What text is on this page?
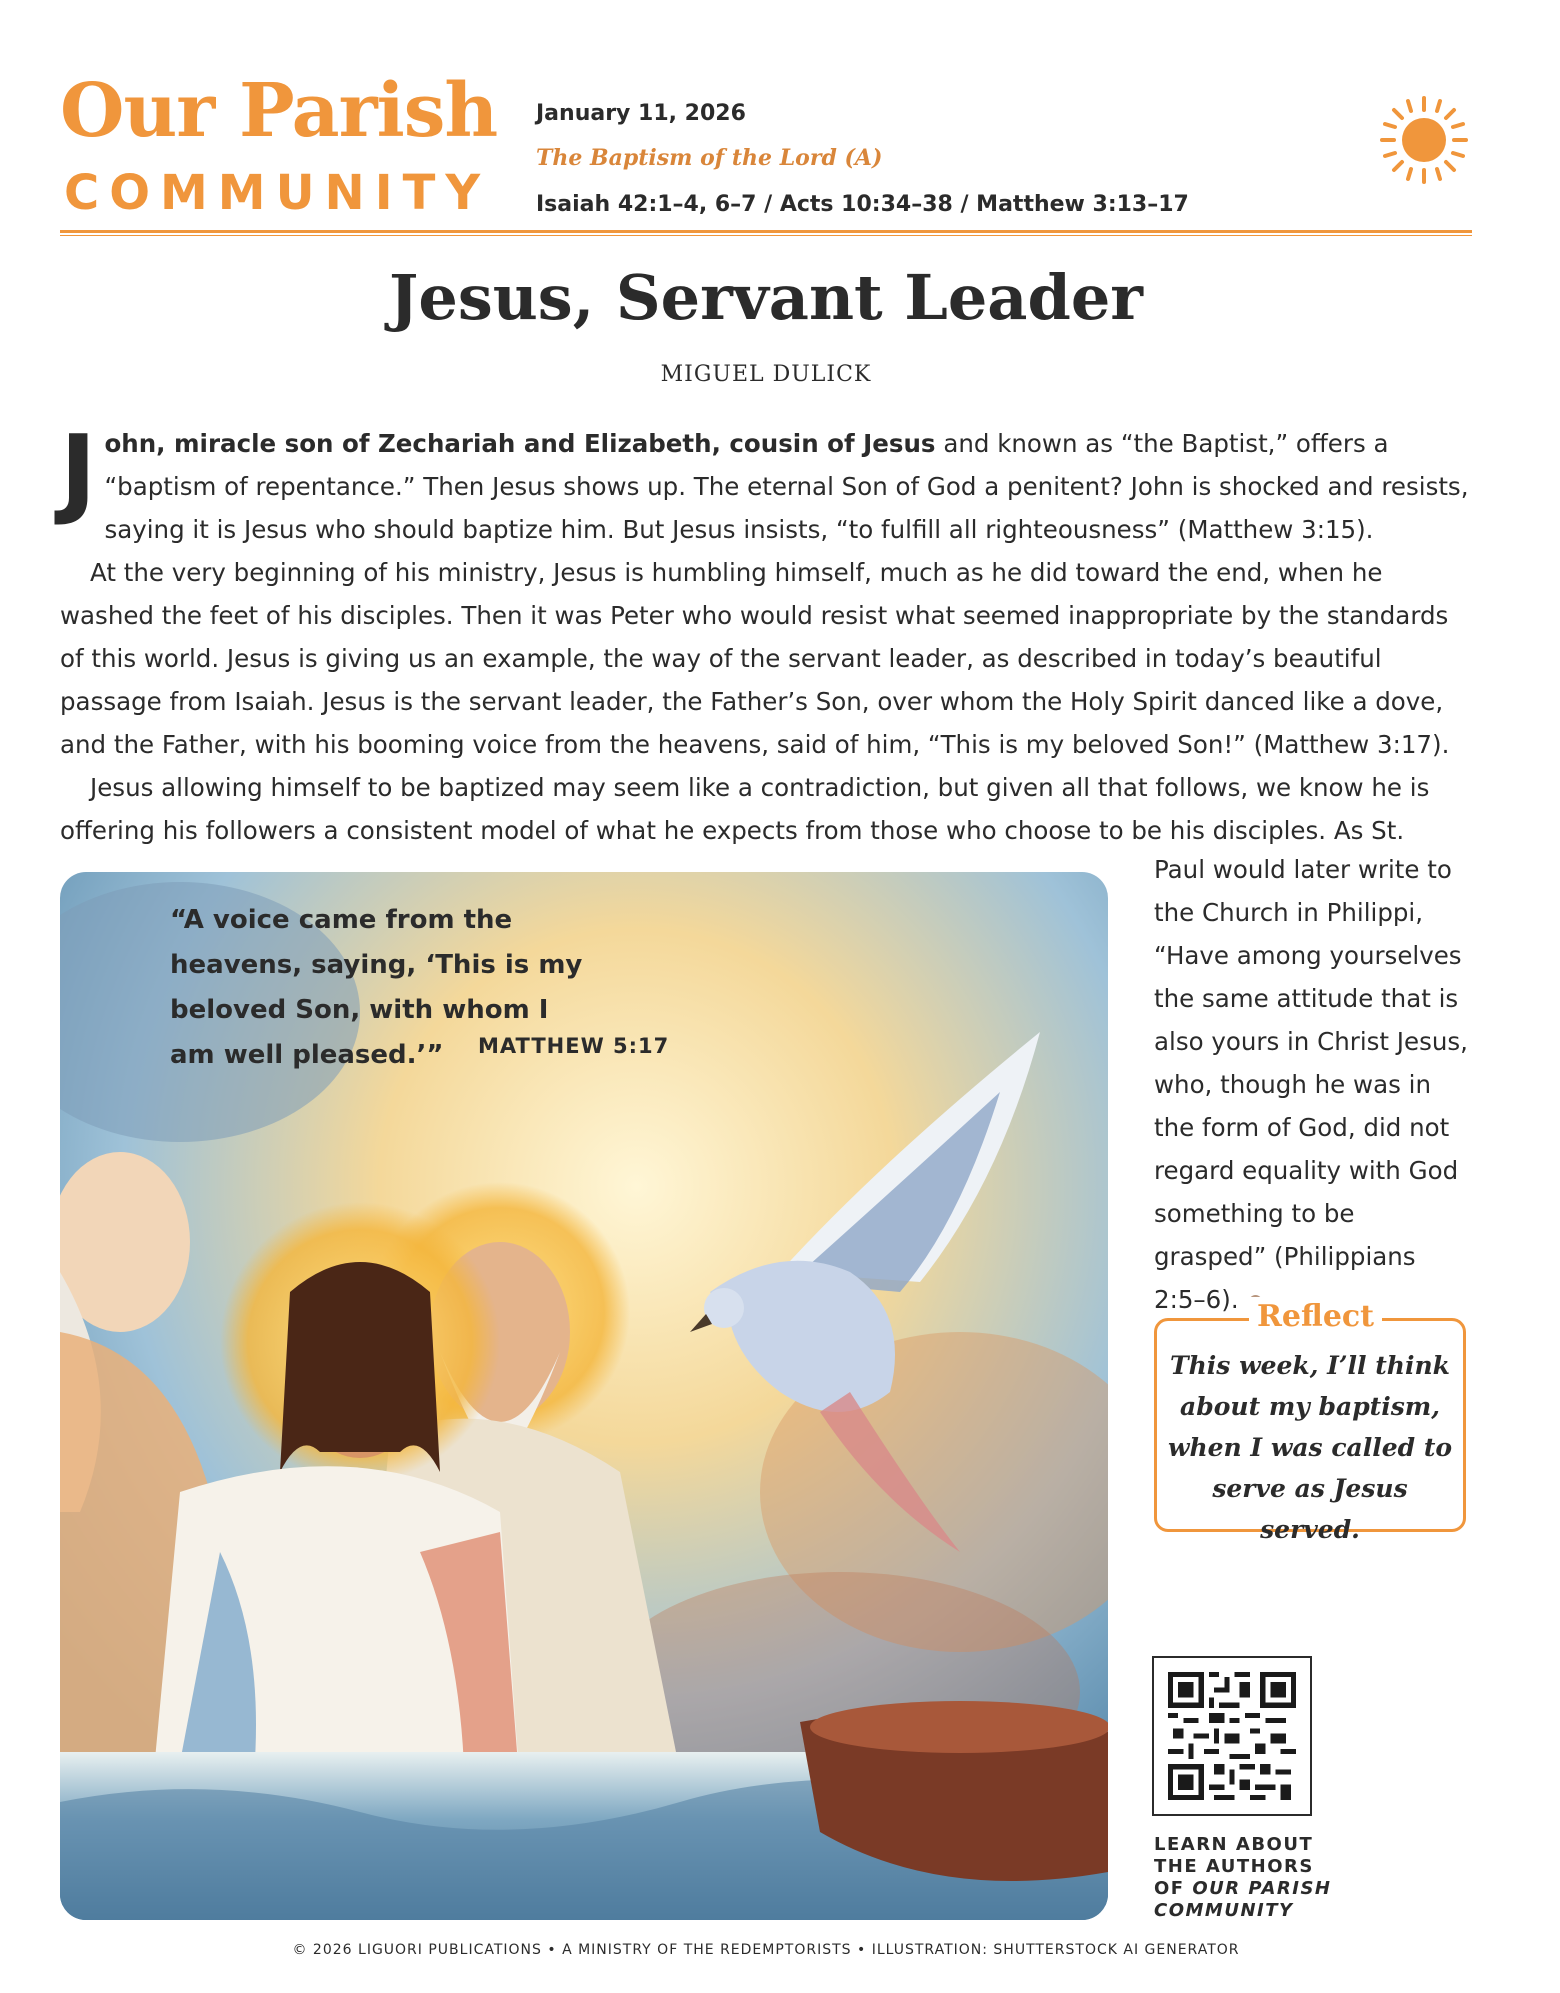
Our Parish
COMMUNITY
January 11, 2026
The Baptism of the Lord (A)
Isaiah 42:1–4, 6–7 / Acts 10:34–38 / Matthew 3:13–17
Jesus, Servant Leader
MIGUEL DULICK

John, miracle son of Zechariah and Elizabeth, cousin of Jesus and known as “the Baptist,” offers a “baptism of repentance.” Then Jesus shows up. The eternal Son of God a penitent? John is shocked and resists, saying it is Jesus who should baptize him. But Jesus insists, “to fulfill all righteousness” (Matthew 3:15).

At the very beginning of his ministry, Jesus is humbling himself, much as he did toward the end, when he washed the feet of his disciples. Then it was Peter who would resist what seemed inappropriate by the standards of this world. Jesus is giving us an example, the way of the servant leader, as described in today’s beautiful passage from Isaiah. Jesus is the servant leader, the Father’s Son, over whom the Holy Spirit danced like a dove, and the Father, with his booming voice from the heavens, said of him, “This is my beloved Son!” (Matthew 3:17).

Jesus allowing himself to be baptized may seem like a contradiction, but given all that follows, we know he is offering his followers a consistent model of what he expects from those who choose to be his disciples. As St.

“A voice came from the heavens, saying, ‘This is my beloved Son, with whom I am well pleased.’”	MATTHEW 5:17

Paul would later write to the Church in Philippi, “Have among yourselves the same attitude that is also yours in Christ Jesus, who, though he was in the form of God, did not regard equality with God something to be grasped” (Philippians 2:5–6). Reflect
This week, I’ll think about my baptism, when I was called to serve as Jesus served.
LEARN ABOUT
THE AUTHORS
OF OUR PARISH
COMMUNITY
© 2026 LIGUORI PUBLICATIONS • A MINISTRY OF THE REDEMPTORISTS • ILLUSTRATION: SHUTTERSTOCK AI GENERATOR
